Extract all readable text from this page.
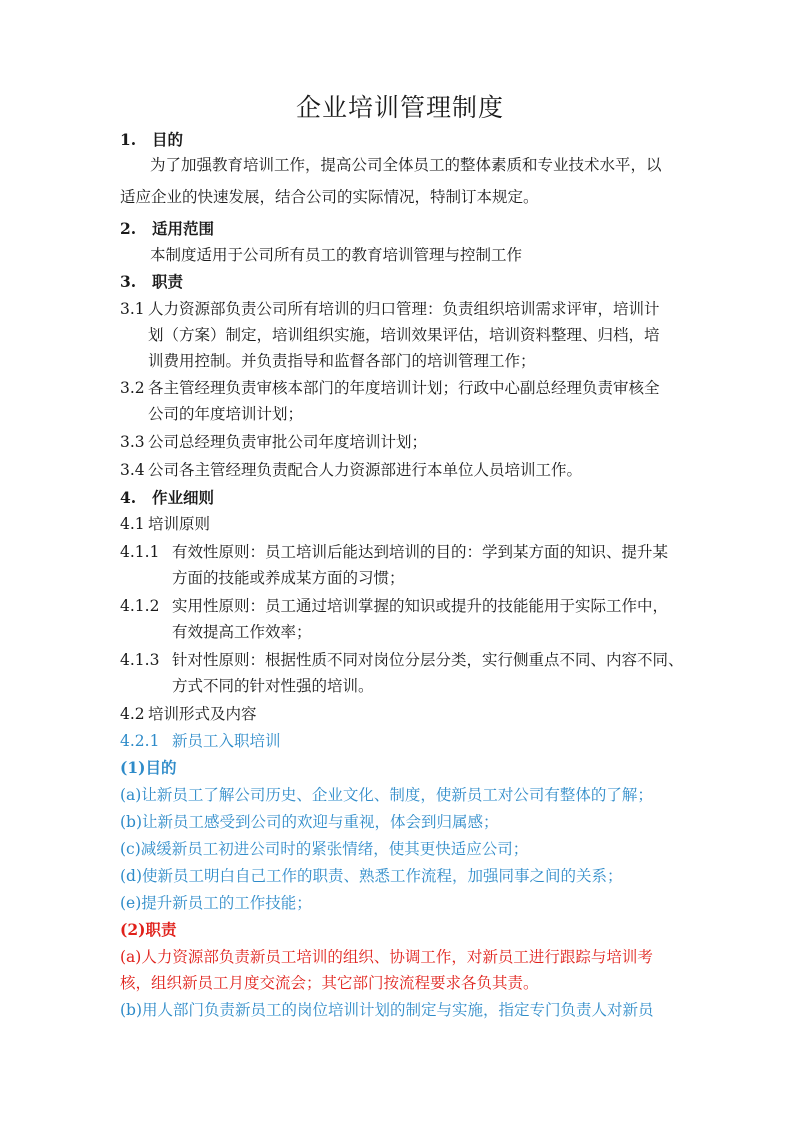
企业培训管理制度
1. 目的
为了加强教育培训工作，提高公司全体员工的整体素质和专业技术水平，以
适应企业的快速发展，结合公司的实际情况，特制订本规定。
2. 适用范围
本制度适用于公司所有员工的教育培训管理与控制工作
3. 职责
3.1 人力资源部负责公司所有培训的归口管理：负责组织培训需求评审，培训计
划（方案）制定，培训组织实施，培训效果评估，培训资料整理、归档，培
训费用控制。并负责指导和监督各部门的培训管理工作；
3.2 各主管经理负责审核本部门的年度培训计划；行政中心副总经理负责审核全
公司的年度培训计划；
3.3 公司总经理负责审批公司年度培训计划；
3.4 公司各主管经理负责配合人力资源部进行本单位人员培训工作。
4. 作业细则
4.1 培训原则
4.1.1 有效性原则：员工培训后能达到培训的目的：学到某方面的知识、提升某
方面的技能或养成某方面的习惯；
4.1.2 实用性原则：员工通过培训掌握的知识或提升的技能能用于实际工作中，
有效提高工作效率；
4.1.3 针对性原则：根据性质不同对岗位分层分类，实行侧重点不同、内容不同、
方式不同的针对性强的培训。
4.2 培训形式及内容
4.2.1 新员工入职培训
(1)目的
(a)让新员工了解公司历史、企业文化、制度，使新员工对公司有整体的了解；
(b)让新员工感受到公司的欢迎与重视，体会到归属感；
(c)减缓新员工初进公司时的紧张情绪，使其更快适应公司；
(d)使新员工明白自己工作的职责、熟悉工作流程，加强同事之间的关系；
(e)提升新员工的工作技能；
(2)职责
(a)人力资源部负责新员工培训的组织、协调工作，对新员工进行跟踪与培训考
核，组织新员工月度交流会；其它部门按流程要求各负其责。
(b)用人部门负责新员工的岗位培训计划的制定与实施，指定专门负责人对新员
